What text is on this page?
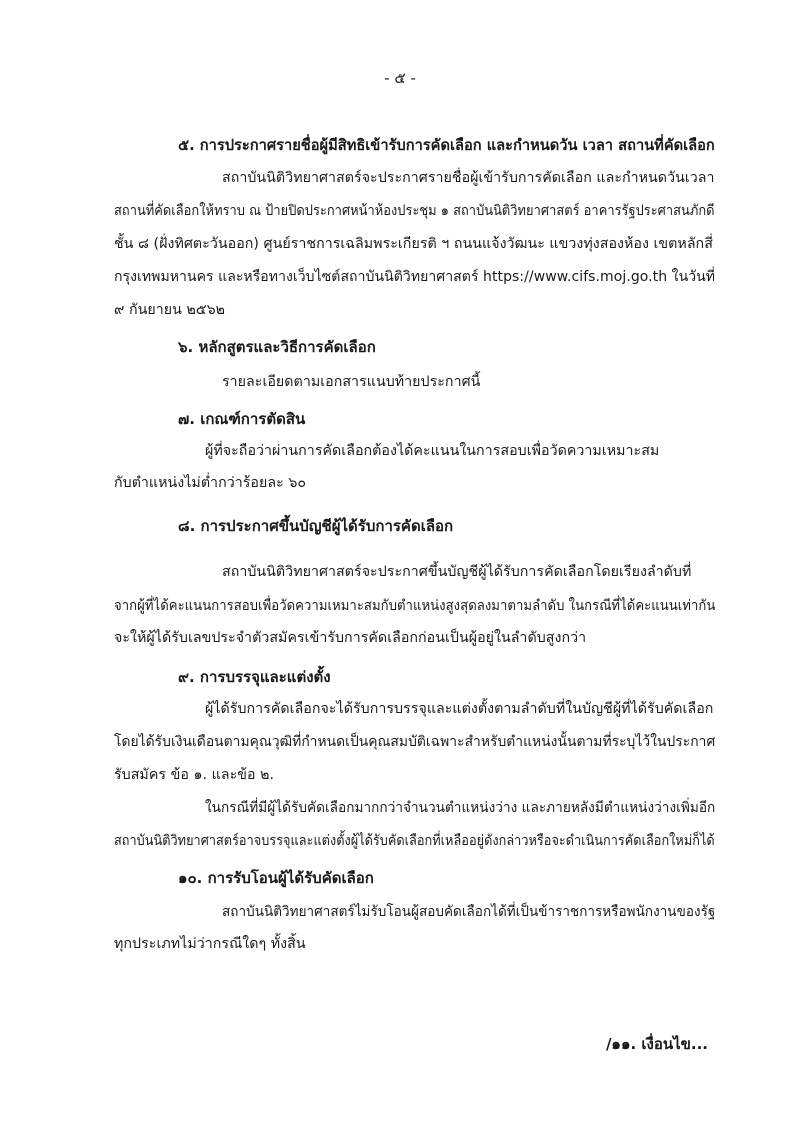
- ๕ -
๕. การประกาศรายชื่อผู้มีสิทธิเข้ารับการคัดเลือก และกำหนดวัน เวลา สถานที่คัดเลือก
สถาบันนิติวิทยาศาสตร์จะประกาศรายชื่อผู้เข้ารับการคัดเลือก และกำหนดวันเวลา
สถานที่คัดเลือกให้ทราบ ณ ป้ายปิดประกาศหน้าห้องประชุม ๑ สถาบันนิติวิทยาศาสตร์ อาคารรัฐประศาสนภักดี
ชั้น ๘ (ฝั่งทิศตะวันออก) ศูนย์ราชการเฉลิมพระเกียรติ ฯ ถนนแจ้งวัฒนะ แขวงทุ่งสองห้อง เขตหลักสี่
กรุงเทพมหานคร และหรือทางเว็บไซต์สถาบันนิติวิทยาศาสตร์ https://www.cifs.moj.go.th ในวันที่
๙ กันยายน ๒๕๖๒
๖. หลักสูตรและวิธีการคัดเลือก
รายละเอียดตามเอกสารแนบท้ายประกาศนี้
๗. เกณฑ์การตัดสิน
ผู้ที่จะถือว่าผ่านการคัดเลือกต้องได้คะแนนในการสอบเพื่อวัดความเหมาะสม
กับตำแหน่งไม่ต่ำกว่าร้อยละ ๖๐
๘. การประกาศขึ้นบัญชีผู้ได้รับการคัดเลือก
สถาบันนิติวิทยาศาสตร์จะประกาศขึ้นบัญชีผู้ได้รับการคัดเลือกโดยเรียงลำดับที่
จากผู้ที่ได้คะแนนการสอบเพื่อวัดความเหมาะสมกับตำแหน่งสูงสุดลงมาตามลำดับ ในกรณีที่ได้คะแนนเท่ากัน
จะให้ผู้ได้รับเลขประจำตัวสมัครเข้ารับการคัดเลือกก่อนเป็นผู้อยู่ในลำดับสูงกว่า
๙. การบรรจุและแต่งตั้ง
ผู้ได้รับการคัดเลือกจะได้รับการบรรจุและแต่งตั้งตามลำดับที่ในบัญชีผู้ที่ได้รับคัดเลือก
โดยได้รับเงินเดือนตามคุณวุฒิที่กำหนดเป็นคุณสมบัติเฉพาะสำหรับตำแหน่งนั้นตามที่ระบุไว้ในประกาศ
รับสมัคร ข้อ ๑. และข้อ ๒.
ในกรณีที่มีผู้ได้รับคัดเลือกมากกว่าจำนวนตำแหน่งว่าง และภายหลังมีตำแหน่งว่างเพิ่มอีก
สถาบันนิติวิทยาศาสตร์อาจบรรจุและแต่งตั้งผู้ได้รับคัดเลือกที่เหลืออยู่ดังกล่าวหรือจะดำเนินการคัดเลือกใหม่ก็ได้
๑๐. การรับโอนผู้ได้รับคัดเลือก
สถาบันนิติวิทยาศาสตร์ไม่รับโอนผู้สอบคัดเลือกได้ที่เป็นข้าราชการหรือพนักงานของรัฐ
ทุกประเภทไม่ว่ากรณีใดๆ ทั้งสิ้น
/๑๑. เงื่อนไข...
